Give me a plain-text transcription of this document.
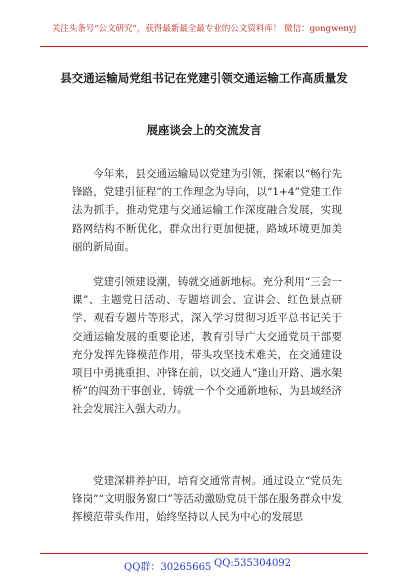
关注头条号“公文研究”，获得最新最全最专业的公文资料库！ 微信：gongwenyj
县交通运输局党组书记在党建引领交通运输工作高质量发
展座谈会上的交流发言

今年来，县交通运输局以党建为引领，探索以“畅行先锋路，党建引征程”的工作理念为导向，以“1+4”党建工作法为抓手，推动党建与交通运输工作深度融合发展，实现路网结构不断优化，群众出行更加便捷，路域环境更加美丽的新局面。

党建引领建设潮，铸就交通新地标。充分利用“三会一课”、主题党日活动、专题培训会、宣讲会、红色景点研学、观看专题片等形式，深入学习贯彻习近平总书记关于交通运输发展的重要论述，教育引导广大交通党员干部要充分发挥先锋模范作用，带头攻坚技术难关，在交通建设项目中勇挑重担、冲锋在前，以交通人“逢山开路、遇水架桥”的闯劲干事创业，铸就一个个交通新地标，为县域经济社会发展注入强大动力。

党建深耕养护田，培育交通常青树。通过设立“党员先锋岗”“文明服务窗口”等活动激励党员干部在服务群众中发挥模范带头作用，始终坚持以人民为中心的发展思

QQ群：30265665 QQ:535304092
